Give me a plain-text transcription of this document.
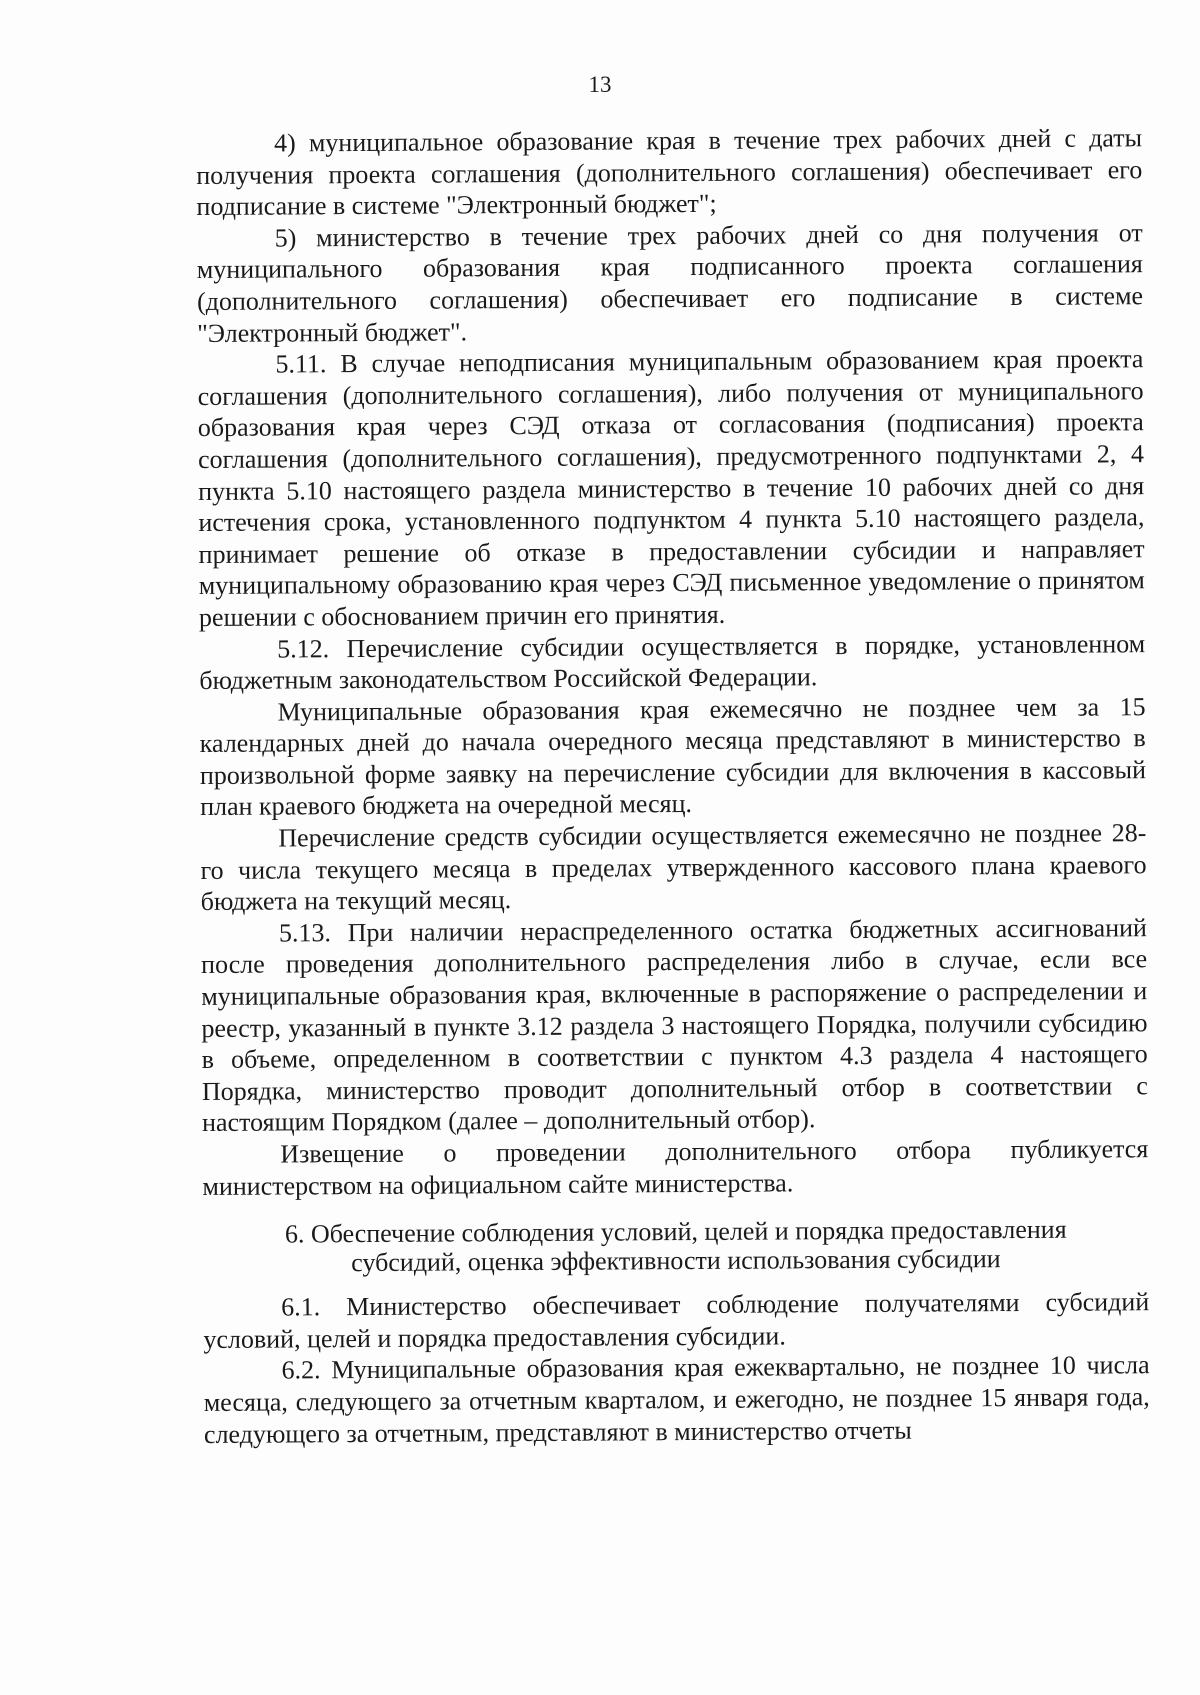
13

4) муниципальное образование края в течение трех рабочих дней с даты получения проекта соглашения (дополнительного соглашения) обеспечивает его подписание в системе "Электронный бюджет";

5) министерство в течение трех рабочих дней со дня получения от муниципального образования края подписанного проекта соглашения (дополнительного соглашения) обеспечивает его подписание в системе "Электронный бюджет".

5.11. В случае неподписания муниципальным образованием края проекта соглашения (дополнительного соглашения), либо получения от муниципального образования края через СЭД отказа от согласования (подписания) проекта соглашения (дополнительного соглашения), предусмотренного подпунктами 2, 4 пункта 5.10 настоящего раздела министерство в течение 10 рабочих дней со дня истечения срока, установленного подпунктом 4 пункта 5.10 настоящего раздела, принимает решение об отказе в предоставлении субсидии и направляет муниципальному образованию края через СЭД письменное уведомление о принятом решении с обоснованием причин его принятия.

5.12. Перечисление субсидии осуществляется в порядке, установленном бюджетным законодательством Российской Федерации.

Муниципальные образования края ежемесячно не позднее чем за 15 календарных дней до начала очередного месяца представляют в министерство в произвольной форме заявку на перечисление субсидии для включения в кассовый план краевого бюджета на очередной месяц.

Перечисление средств субсидии осуществляется ежемесячно не позднее 28-го числа текущего месяца в пределах утвержденного кассового плана краевого бюджета на текущий месяц.

5.13. При наличии нераспределенного остатка бюджетных ассигнований после проведения дополнительного распределения либо в случае, если все муниципальные образования края, включенные в распоряжение о распределении и реестр, указанный в пункте 3.12 раздела 3 настоящего Порядка, получили субсидию в объеме, определенном в соответствии с пунктом 4.3 раздела 4 настоящего Порядка, министерство проводит дополнительный отбор в соответствии с настоящим Порядком (далее – дополнительный отбор).

Извещение о проведении дополнительного отбора публикуется министерством на официальном сайте министерства.

6. Обеспечение соблюдения условий, целей и порядка предоставления субсидий, оценка эффективности использования субсидии

6.1. Министерство обеспечивает соблюдение получателями субсидий условий, целей и порядка предоставления субсидии.

6.2. Муниципальные образования края ежеквартально, не позднее 10 числа месяца, следующего за отчетным кварталом, и ежегодно, не позднее 15 января года, следующего за отчетным, представляют в министерство отчеты
